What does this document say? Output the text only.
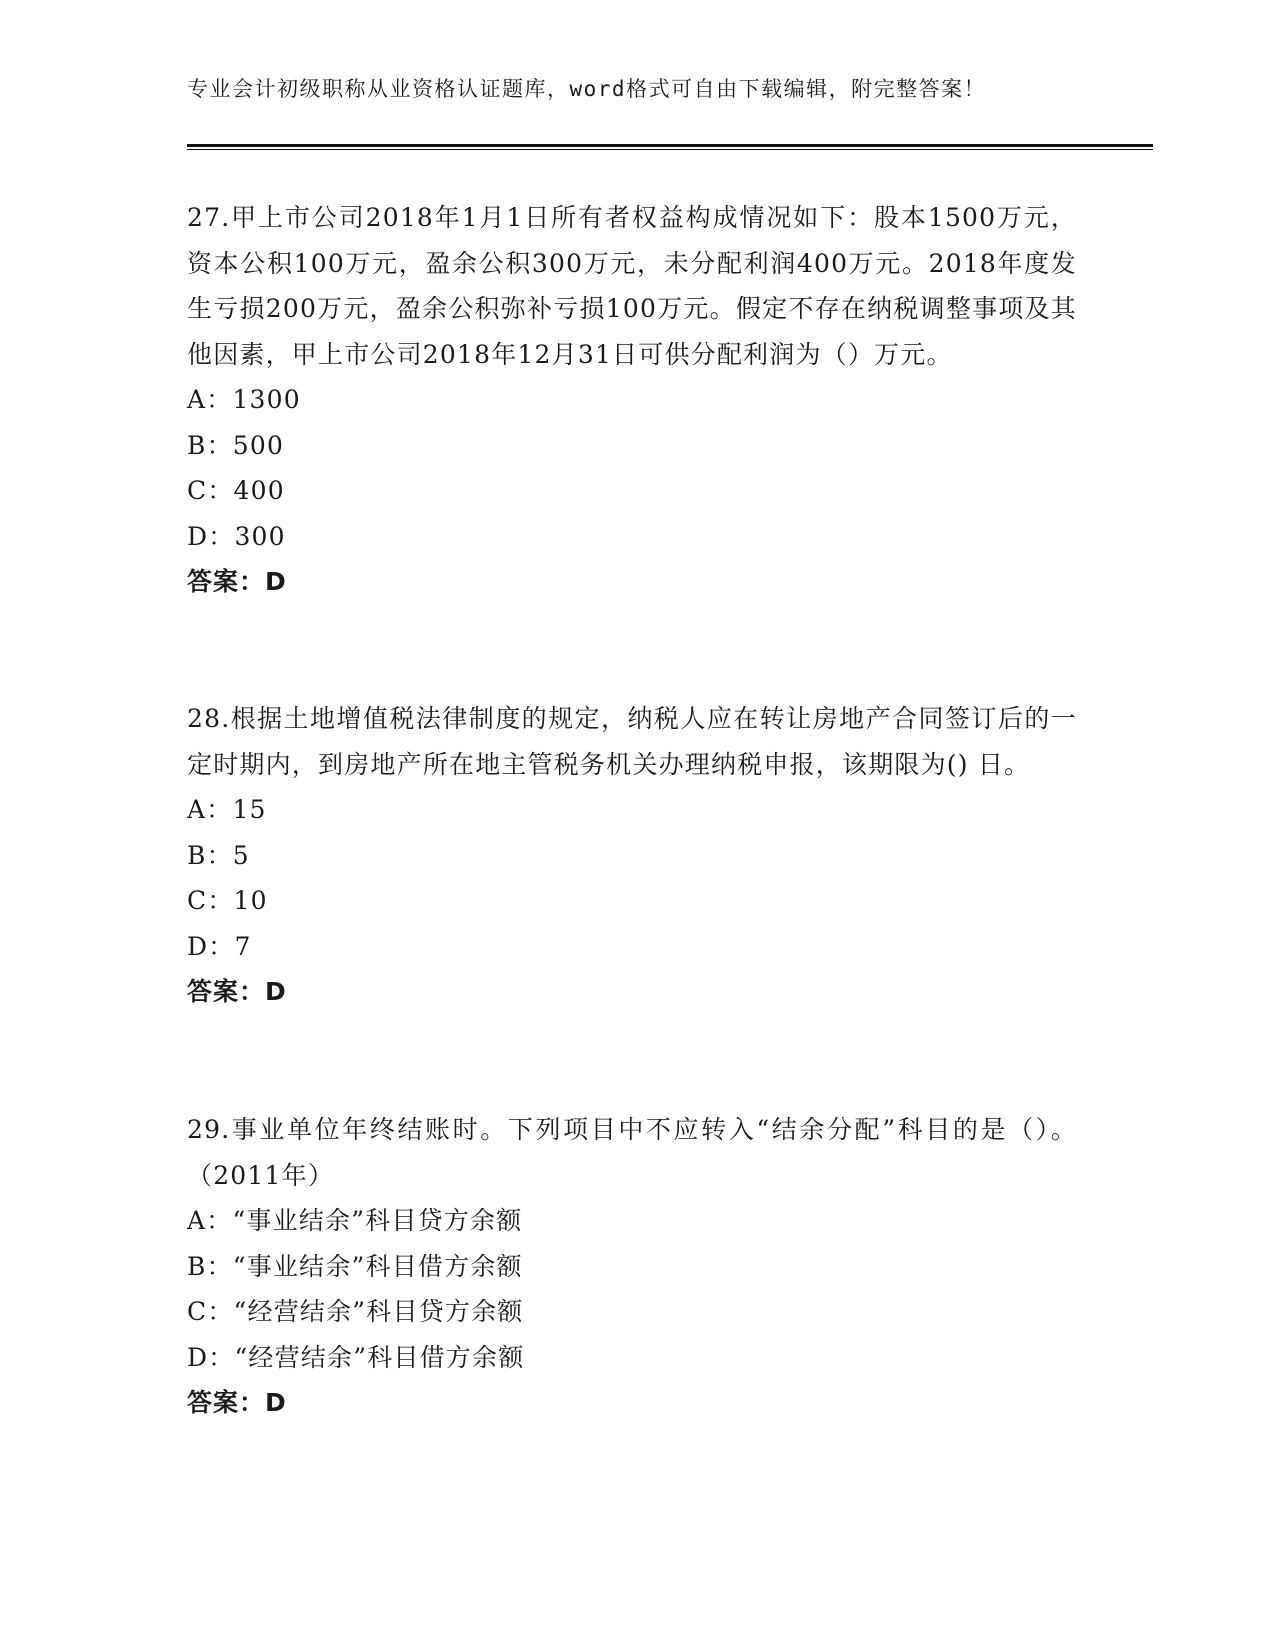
专业会计初级职称从业资格认证题库，word格式可自由下载编辑，附完整答案！

27.甲上市公司2018年1月1日所有者权益构成情况如下：股本1500万元，资本公积100万元，盈余公积300万元，未分配利润400万元。2018年度发生亏损200万元，盈余公积弥补亏损100万元。假定不存在纳税调整事项及其他因素，甲上市公司2018年12月31日可供分配利润为（）万元。

A：1300

B：500

C：400

D：300

答案：D

28.根据土地增值税法律制度的规定，纳税人应在转让房地产合同签订后的一定时期内，到房地产所在地主管税务机关办理纳税申报，该期限为() 日。

A：15

B：5

C：10

D：7

答案：D

29.事业单位年终结账时。下列项目中不应转入“结余分配”科目的是（）。（2011年）

A：“事业结余”科目贷方余额

B：“事业结余”科目借方余额

C：“经营结余”科目贷方余额

D：“经营结余”科目借方余额

答案：D
